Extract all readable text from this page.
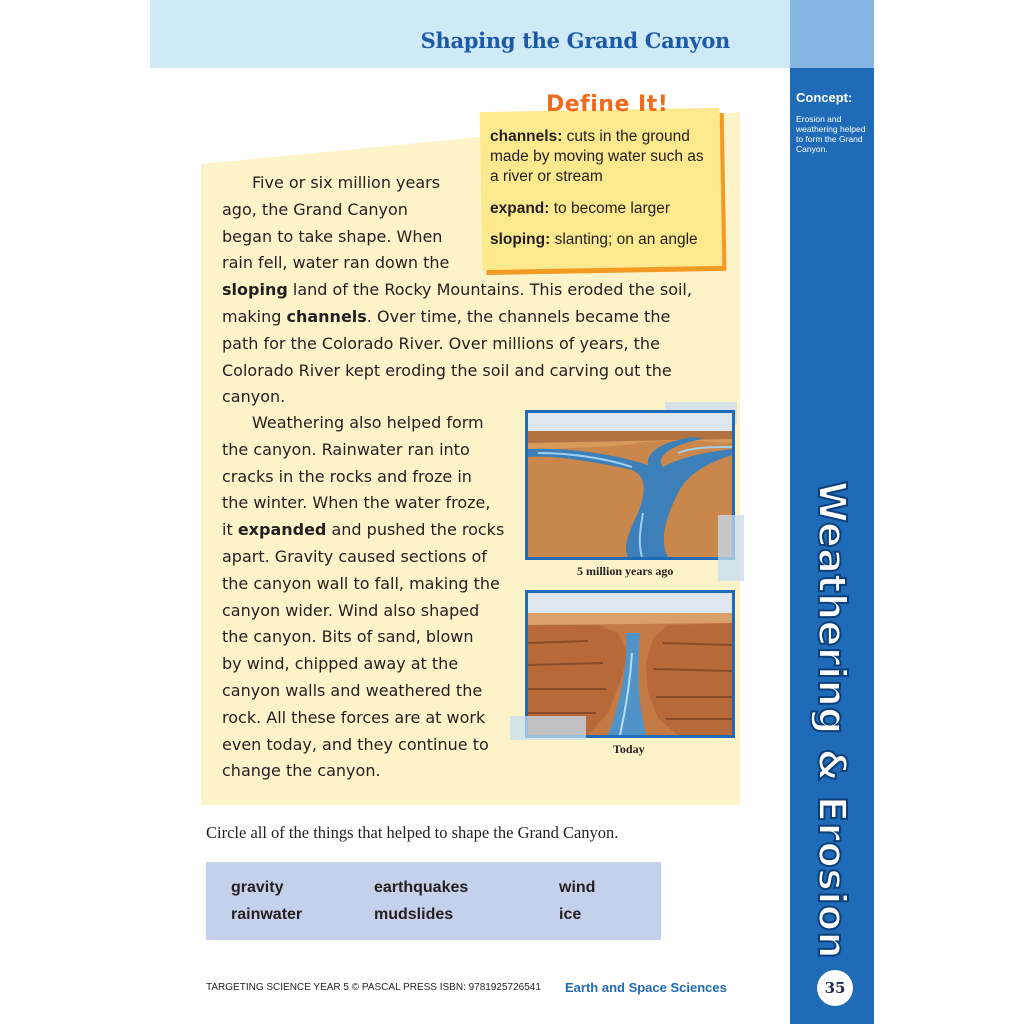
Shaping the Grand Canyon
Concept:
Erosion and weathering helped to form the Grand Canyon.
Weathering & Erosion
35
Five or six million years
ago, the Grand Canyon
began to take shape. When
rain fell, water ran down the
sloping land of the Rocky Mountains. This eroded the soil,
making channels. Over time, the channels became the
path for the Colorado River. Over millions of years, the
Colorado River kept eroding the soil and carving out the
canyon.
Weathering also helped form
the canyon. Rainwater ran into
cracks in the rocks and froze in
the winter. When the water froze,
it expanded and pushed the rocks
apart. Gravity caused sections of
the canyon wall to fall, making the
canyon wider. Wind also shaped
the canyon. Bits of sand, blown
by wind, chipped away at the
canyon walls and weathered the
rock. All these forces are at work
even today, and they continue to
change the canyon.
Define It!
channels: cuts in the ground made by moving water such as a river or stream
expand: to become larger
sloping: slanting; on an angle
5 million years ago
Today
Circle all of the things that helped to shape the Grand Canyon.
gravity	earthquakes	wind
rainwater	mudslides	ice
TARGETING SCIENCE YEAR 5 © PASCAL PRESS ISBN: 9781925726541 Earth and Space Sciences
